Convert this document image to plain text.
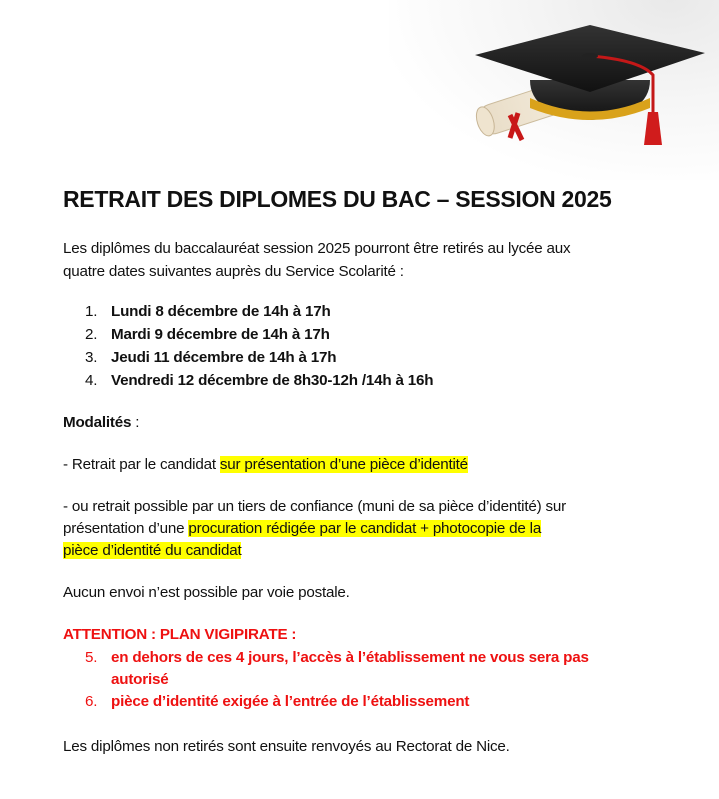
RETRAIT DES DIPLOMES DU BAC – SESSION 2025
Les diplômes du baccalauréat session 2025 pourront être retirés au lycée aux
quatre dates suivantes auprès du Service Scolarité :
1. Lundi 8 décembre de 14h à 17h
2. Mardi 9 décembre de 14h à 17h
3. Jeudi 11 décembre de 14h à 17h
4. Vendredi 12 décembre de 8h30-12h /14h à 16h
Modalités :
- Retrait par le candidat sur présentation d’une pièce d’identité
- ou retrait possible par un tiers de confiance (muni de sa pièce d’identité) sur
présentation d’une procuration rédigée par le candidat + photocopie de la
pièce d’identité du candidat
Aucun envoi n’est possible par voie postale.
ATTENTION : PLAN VIGIPIRATE :
5. en dehors de ces 4 jours, l’accès à l’établissement ne vous sera pas
autorisé
6. pièce d’identité exigée à l’entrée de l’établissement
Les diplômes non retirés sont ensuite renvoyés au Rectorat de Nice.
